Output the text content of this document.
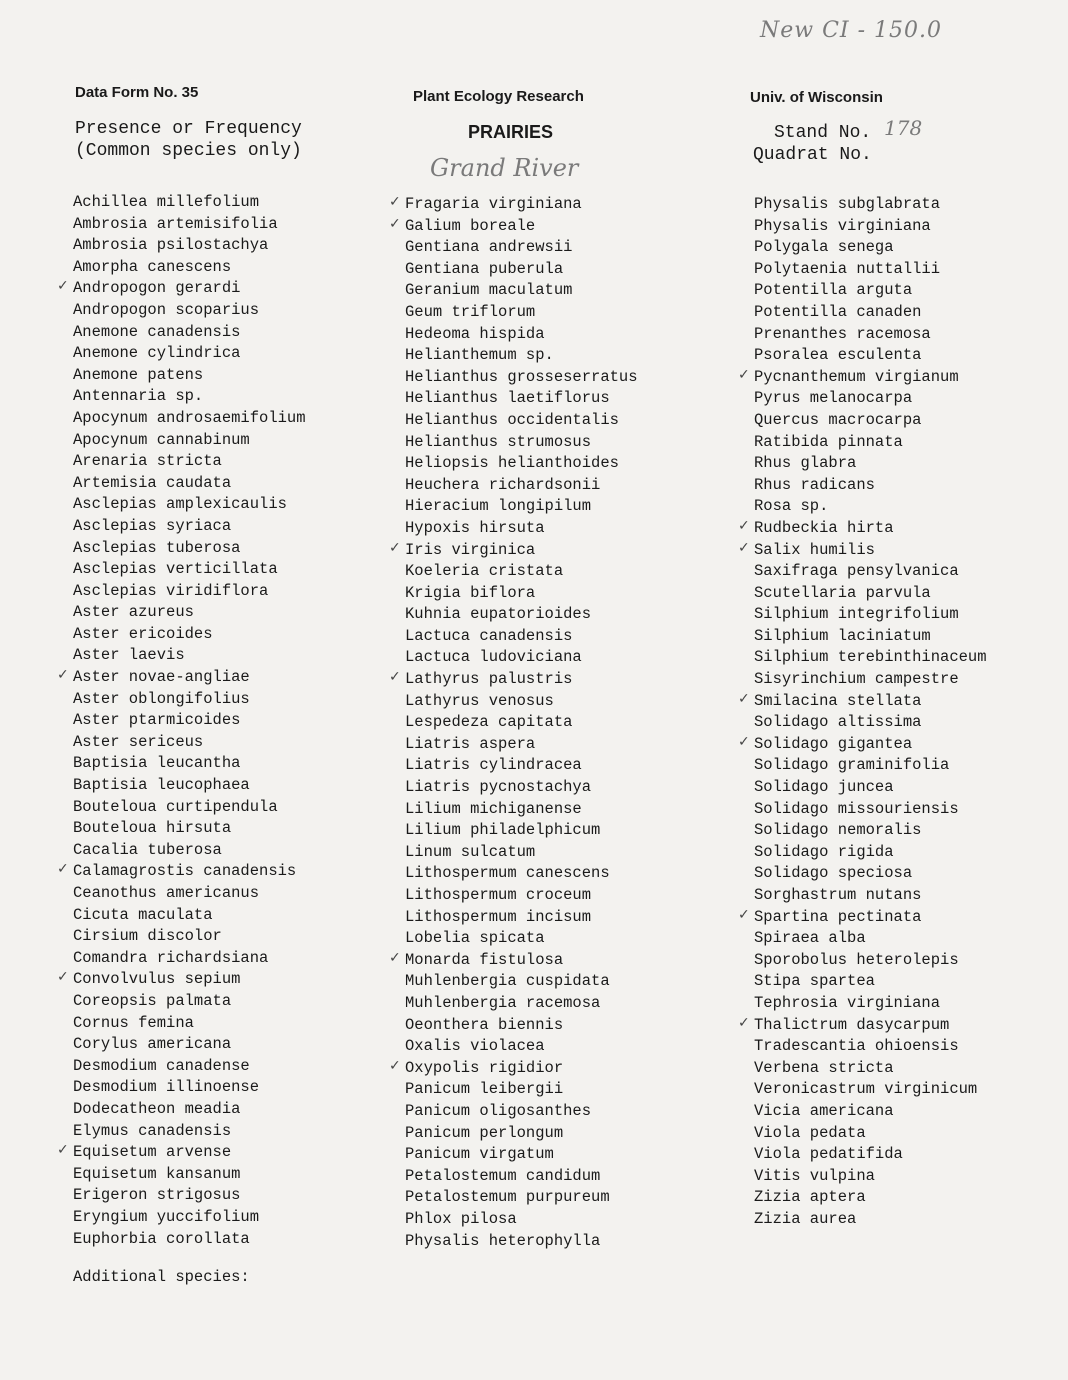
New CI - 150.0
178
Grand River
Data Form No. 35	Plant Ecology Research	Univ. of Wisconsin
Presence or Frequency
(Common species only)
PRAIRIES	Stand No.
Quadrat No.
Achillea millefolium
Ambrosia artemisifolia
Ambrosia psilostachya
Amorpha canescens
✓ Andropogon gerardi
Andropogon scoparius
Anemone canadensis
Anemone cylindrica
Anemone patens
Antennaria sp.
Apocynum androsaemifolium
Apocynum cannabinum
Arenaria stricta
Artemisia caudata
Asclepias amplexicaulis
Asclepias syriaca
Asclepias tuberosa
Asclepias verticillata
Asclepias viridiflora
Aster azureus
Aster ericoides
Aster laevis
✓ Aster novae-angliae
Aster oblongifolius
Aster ptarmicoides
Aster sericeus
Baptisia leucantha
Baptisia leucophaea
Bouteloua curtipendula
Bouteloua hirsuta
Cacalia tuberosa
✓ Calamagrostis canadensis
Ceanothus americanus
Cicuta maculata
Cirsium discolor
Comandra richardsiana
✓ Convolvulus sepium
Coreopsis palmata
Cornus femina
Corylus americana
Desmodium canadense
Desmodium illinoense
Dodecatheon meadia
Elymus canadensis
✓ Equisetum arvense
Equisetum kansanum
Erigeron strigosus
Eryngium yuccifolium
Euphorbia corollata
✓ Fragaria virginiana
✓ Galium boreale
Gentiana andrewsii
Gentiana puberula
Geranium maculatum
Geum triflorum
Hedeoma hispida
Helianthemum sp.
Helianthus grosseserratus
Helianthus laetiflorus
Helianthus occidentalis
Helianthus strumosus
Heliopsis helianthoides
Heuchera richardsonii
Hieracium longipilum
Hypoxis hirsuta
✓ Iris virginica
Koeleria cristata
Krigia biflora
Kuhnia eupatorioides
Lactuca canadensis
Lactuca ludoviciana
✓ Lathyrus palustris
Lathyrus venosus
Lespedeza capitata
Liatris aspera
Liatris cylindracea
Liatris pycnostachya
Lilium michiganense
Lilium philadelphicum
Linum sulcatum
Lithospermum canescens
Lithospermum croceum
Lithospermum incisum
Lobelia spicata
✓ Monarda fistulosa
Muhlenbergia cuspidata
Muhlenbergia racemosa
Oeonthera biennis
Oxalis violacea
✓ Oxypolis rigidior
Panicum leibergii
Panicum oligosanthes
Panicum perlongum
Panicum virgatum
Petalostemum candidum
Petalostemum purpureum
Phlox pilosa
Physalis heterophylla
Physalis subglabrata
Physalis virginiana
Polygala senega
Polytaenia nuttallii
Potentilla arguta
Potentilla canaden
Prenanthes racemosa
Psoralea esculenta
✓ Pycnanthemum virgianum
Pyrus melanocarpa
Quercus macrocarpa
Ratibida pinnata
Rhus glabra
Rhus radicans
Rosa sp.
✓ Rudbeckia hirta
✓ Salix humilis
Saxifraga pensylvanica
Scutellaria parvula
Silphium integrifolium
Silphium laciniatum
Silphium terebinthinaceum
Sisyrinchium campestre
✓ Smilacina stellata
Solidago altissima
✓ Solidago gigantea
Solidago graminifolia
Solidago juncea
Solidago missouriensis
Solidago nemoralis
Solidago rigida
Solidago speciosa
Sorghastrum nutans
✓ Spartina pectinata
Spiraea alba
Sporobolus heterolepis
Stipa spartea
Tephrosia virginiana
✓ Thalictrum dasycarpum
Tradescantia ohioensis
Verbena stricta
Veronicastrum virginicum
Vicia americana
Viola pedata
Viola pedatifida
Vitis vulpina
Zizia aptera
Zizia aurea
Additional species:
